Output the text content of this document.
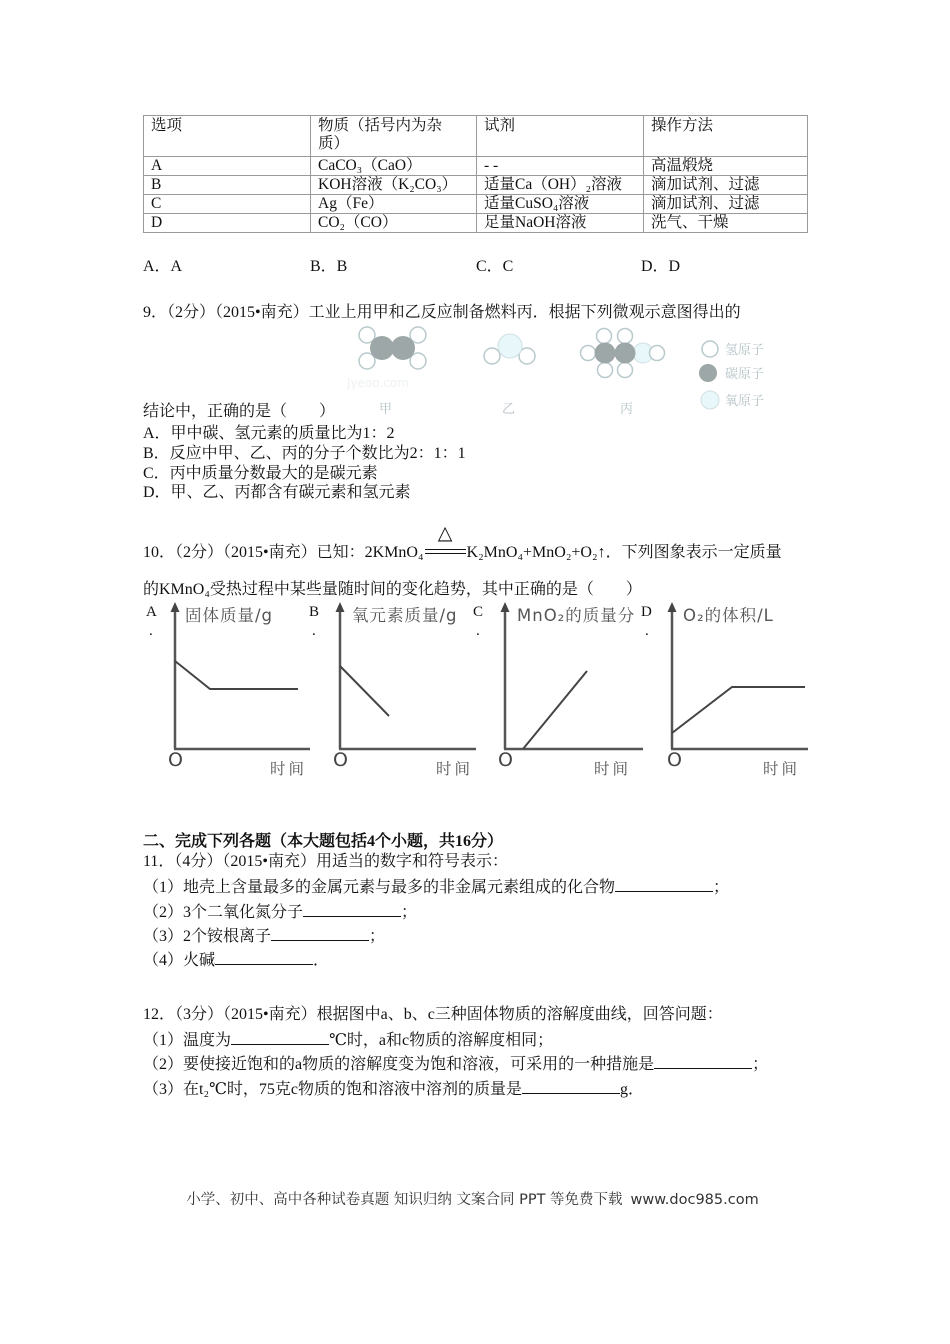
选项	物质（括号内为杂质）	试剂	操作方法
A	CaCO₃（CaO）	- -	高温煅烧
B	KOH溶液（K₂CO₃）	适量Ca（OH）₂溶液	滴加试剂、过滤
C	Ag（Fe）	适量CuSO₄溶液	滴加试剂、过滤
D	CO₂（CO）	足量NaOH溶液	洗气、干燥
A．A	B．B	C．C	D．D
9．（2分）（2015•南充）工业上用甲和乙反应制备燃料丙．根据下列微观示意图得出的
Jyeoo.com
甲	乙	丙
氢原子
碳原子
氧原子
结论中，正确的是（　　）
A．甲中碳、氢元素的质量比为1：2
B．反应中甲、乙、丙的分子个数比为2：1：1
C．丙中质量分数最大的是碳元素
D．甲、乙、丙都含有碳元素和氢元素
10．（2分）（2015•南充）已知：2KMnO₄
△
K₂MnO₄+MnO₂+O₂↑．下列图象表示一定质量
的KMnO₄受热过程中某些量随时间的变化趋势，其中正确的是（　　）
A
.
固体质量/g
O	时间
B
.
氧元素质量/g
O	时间
C
.
MnO₂的质量分
O	时间
D
.
O₂的体积/L
O	时间
二、完成下列各题（本大题包括4个小题，共16分）
11．（4分）（2015•南充）用适当的数字和符号表示：
（1）地壳上含量最多的金属元素与最多的非金属元素组成的化合物	；
（2）3个二氧化氮分子	；
（3）2个铵根离子	；
（4）火碱	．
12．（3分）（2015•南充）根据图中a、b、c三种固体物质的溶解度曲线，回答问题：
（1）温度为	℃时，a和c物质的溶解度相同；
（2）要使接近饱和的a物质的溶解度变为饱和溶液，可采用的一种措施是	；
（3）在t₂℃时，75克c物质的饱和溶液中溶剂的质量是	g．
小学、初中、高中各种试卷真题 知识归纳 文案合同 PPT 等免费下载 www.doc985.com
